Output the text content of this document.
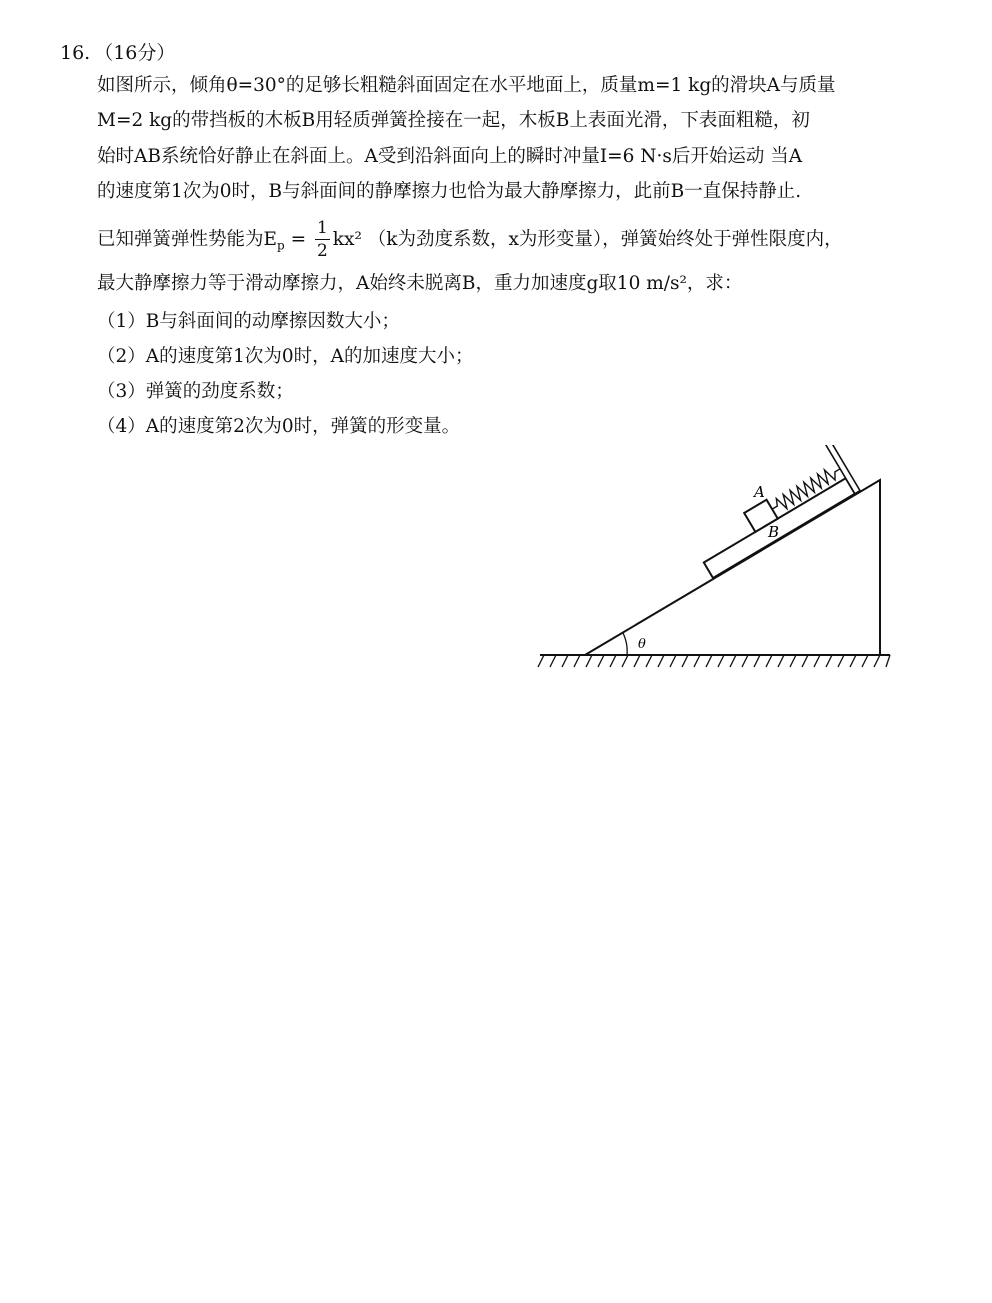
16. （16分）
如图所示，倾角θ=30°的足够长粗糙斜面固定在水平地面上，质量m=1 kg的滑块A与质量
M=2 kg的带挡板的木板B用轻质弹簧拴接在一起，木板B上表面光滑，下表面粗糙，初
始时AB系统恰好静止在斜面上。A受到沿斜面向上的瞬时冲量I=6 N·s后开始运动 当A
的速度第1次为0时，B与斜面间的静摩擦力也恰为最大静摩擦力，此前B一直保持静止.
已知弹簧弹性势能为$E_p = \frac{1}{2} kx^2$ （k为劲度系数，x为形变量），弹簧始终处于弹性限度内，
最大静摩擦力等于滑动摩擦力，A始终未脱离B，重力加速度g取10 m/s²，求：
（1）B与斜面间的动摩擦因数大小；
（2）A的速度第1次为0时，A的加速度大小；
（3）弹簧的劲度系数；
（4）A的速度第2次为0时，弹簧的形变量。
θ
A
B
